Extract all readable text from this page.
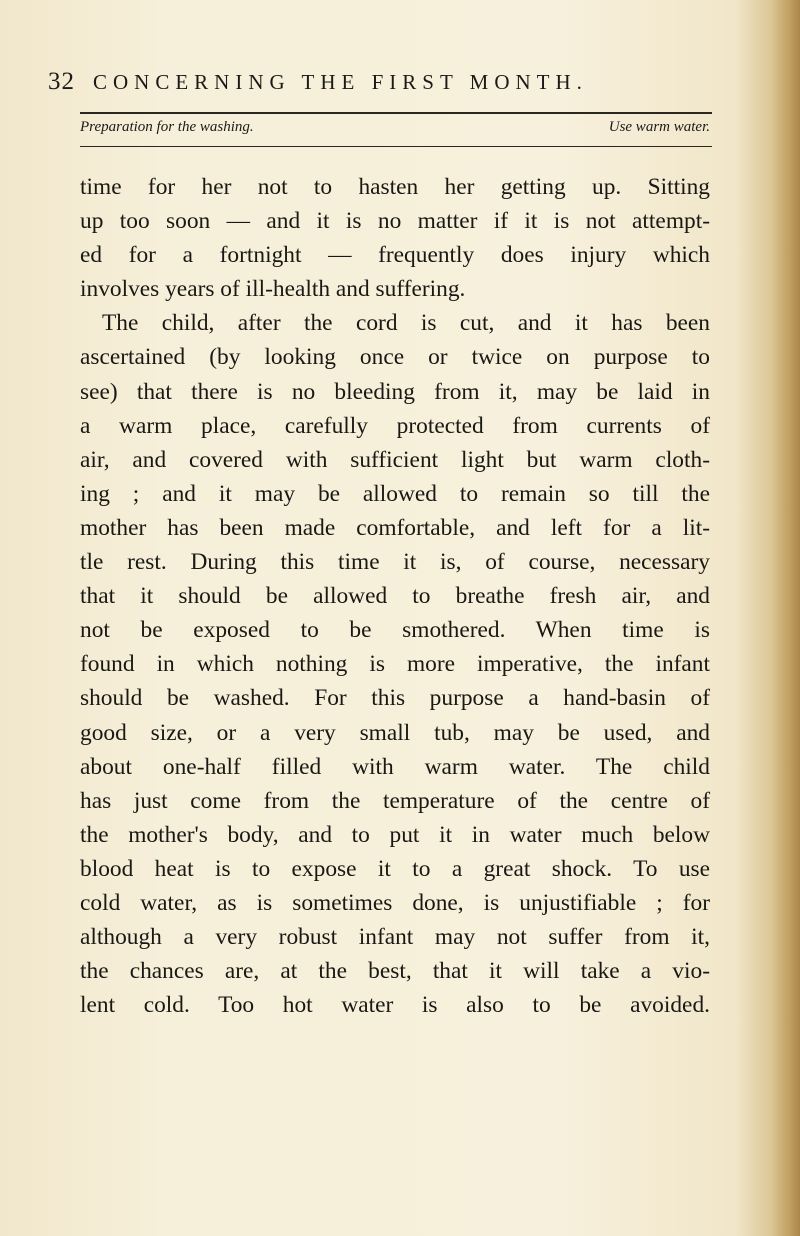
32 CONCERNING THE FIRST MONTH.
Preparation for the washing.	Use warm water.
time for her not to hasten her getting up. Sitting
up too soon — and it is no matter if it is not attempt-
ed for a fortnight — frequently does injury which
involves years of ill-health and suffering.
The child, after the cord is cut, and it has been
ascertained (by looking once or twice on purpose to
see) that there is no bleeding from it, may be laid in
a warm place, carefully protected from currents of
air, and covered with sufficient light but warm cloth-
ing ; and it may be allowed to remain so till the
mother has been made comfortable, and left for a lit-
tle rest. During this time it is, of course, necessary
that it should be allowed to breathe fresh air, and
not be exposed to be smothered. When time is
found in which nothing is more imperative, the infant
should be washed. For this purpose a hand-basin of
good size, or a very small tub, may be used, and
about one-half filled with warm water. The child
has just come from the temperature of the centre of
the mother's body, and to put it in water much below
blood heat is to expose it to a great shock. To use
cold water, as is sometimes done, is unjustifiable ; for
although a very robust infant may not suffer from it,
the chances are, at the best, that it will take a vio-
lent cold. Too hot water is also to be avoided.
